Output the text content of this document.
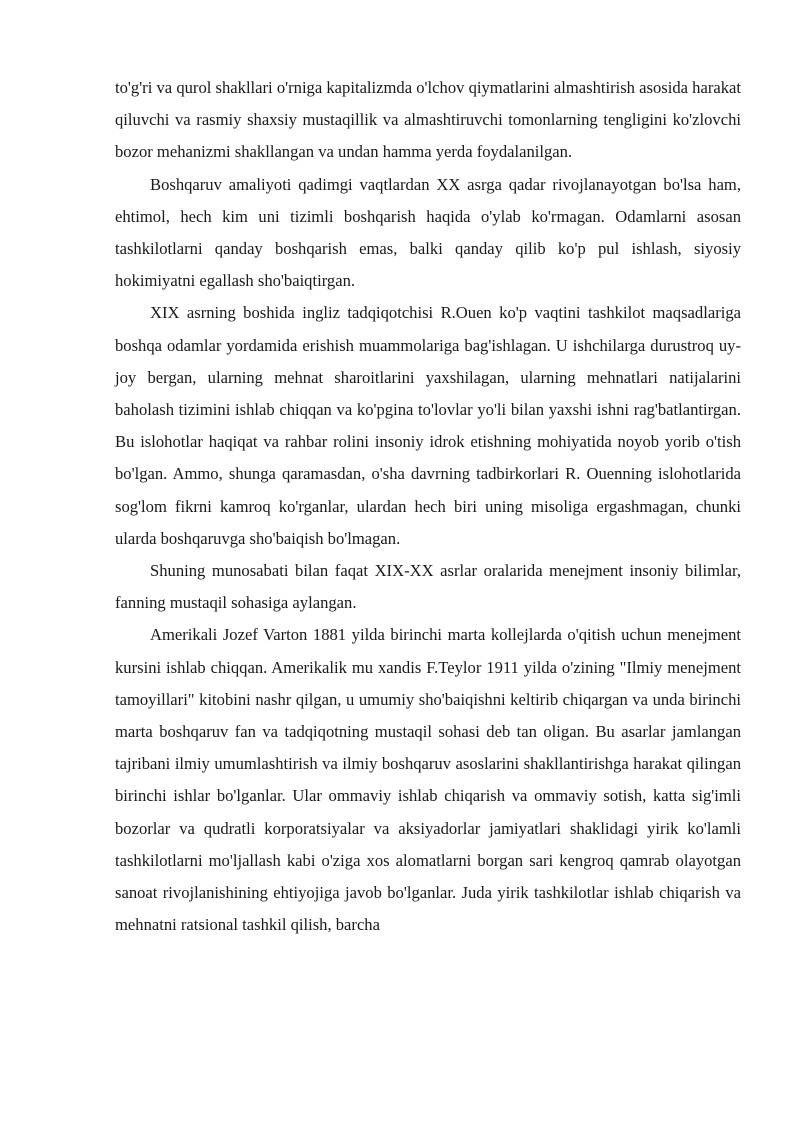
to'g'ri va qurol shakllari o'rniga kapitalizmda o'lchov qiymatlarini almashtirish asosida harakat qiluvchi va rasmiy shaxsiy mustaqillik va almashtiruvchi tomonlarning tengligini ko'zlovchi bozor mehanizmi shakllangan va undan hamma yerda foydalanilgan.

Boshqaruv amaliyoti qadimgi vaqtlardan XX asrga qadar rivojlanayotgan bo'lsa ham, ehtimol, hech kim uni tizimli boshqarish haqida o'ylab ko'rmagan. Odamlarni asosan tashkilotlarni qanday boshqarish emas, balki qanday qilib ko'p pul ishlash, siyosiy hokimiyatni egallash sho'baiqtirgan.

XIX asrning boshida ingliz tadqiqotchisi R.Ouen ko'p vaqtini tashkilot maqsadlariga boshqa odamlar yordamida erishish muammolariga bag'ishlagan. U ishchilarga durustroq uy-joy bergan, ularning mehnat sharoitlarini yaxshilagan, ularning mehnatlari natijalarini baholash tizimini ishlab chiqqan va ko'pgina to'lovlar yo'li bilan yaxshi ishni rag'batlantirgan. Bu islohotlar haqiqat va rahbar rolini insoniy idrok etishning mohiyatida noyob yorib o'tish bo'lgan. Ammo, shunga qaramasdan, o'sha davrning tadbirkorlari R. Ouenning islohotlarida sog'lom fikrni kamroq ko'rganlar, ulardan hech biri uning misoliga ergashmagan, chunki ularda boshqaruvga sho'baiqish bo'lmagan.

Shuning munosabati bilan faqat XIX-XX asrlar oralarida menejment insoniy bilimlar, fanning mustaqil sohasiga aylangan.

Amerikali Jozef Varton 1881 yilda birinchi marta kollejlarda o'qitish uchun menejment kursini ishlab chiqqan. Amerikalik mu xandis F.Teylor 1911 yilda o'zining "Ilmiy menejment tamoyillari" kitobini nashr qilgan, u umumiy sho'baiqishni keltirib chiqargan va unda birinchi marta boshqaruv fan va tadqiqotning mustaqil sohasi deb tan oligan. Bu asarlar jamlangan tajribani ilmiy umumlashtirish va ilmiy boshqaruv asoslarini shakllantirishga harakat qilingan birinchi ishlar bo'lganlar. Ular ommaviy ishlab chiqarish va ommaviy sotish, katta sig'imli bozorlar va qudratli korporatsiyalar va aksiyadorlar jamiyatlari shaklidagi yirik ko'lamli tashkilotlarni mo'ljallash kabi o'ziga xos alomatlarni borgan sari kengroq qamrab olayotgan sanoat rivojlanishining ehtiyojiga javob bo'lganlar. Juda yirik tashkilotlar ishlab chiqarish va mehnatni ratsional tashkil qilish, barcha
